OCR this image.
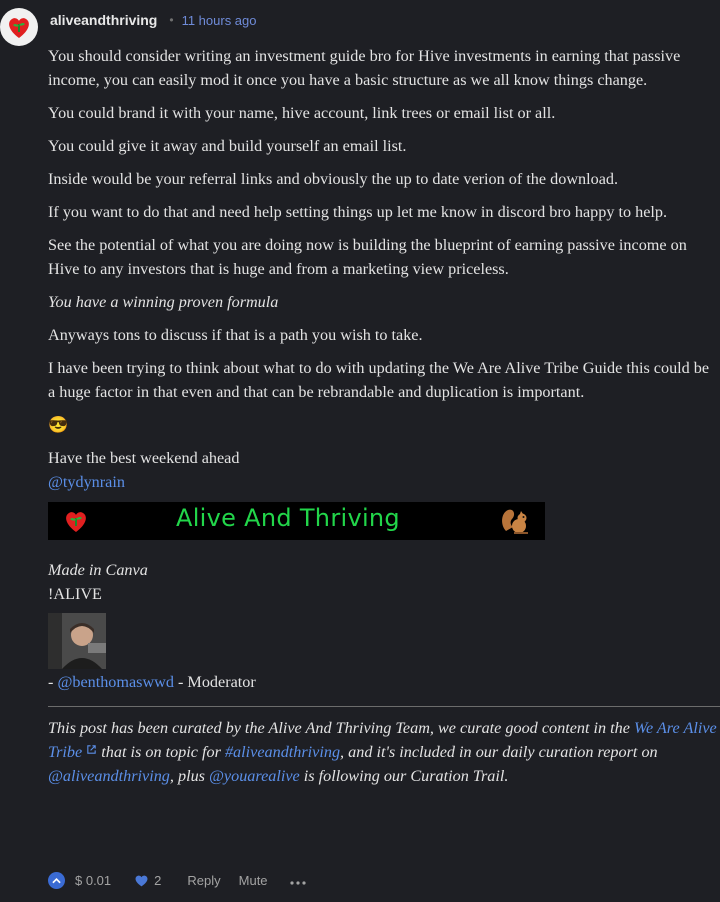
aliveandthriving • 11 hours ago

You should consider writing an investment guide bro for Hive investments in earning that passive income, you can easily mod it once you have a basic structure as we all know things change.

You could brand it with your name, hive account, link trees or email list or all.

You could give it away and build yourself an email list.

Inside would be your referral links and obviously the up to date verion of the download.

If you want to do that and need help setting things up let me know in discord bro happy to help.

See the potential of what you are doing now is building the blueprint of earning passive income on Hive to any investors that is huge and from a marketing view priceless.

You have a winning proven formula

Anyways tons to discuss if that is a path you wish to take.

I have been trying to think about what to do with updating the We Are Alive Tribe Guide this could be a huge factor in that even and that can be rebrandable and duplication is important.

😎

Have the best weekend ahead
@tydynrain
Alive And Thriving
Made in Canva
!ALIVE
- @benthomaswwd - Moderator
This post has been curated by the Alive And Thriving Team, we curate good content in the We Are Alive Tribe  that is on topic for #aliveandthriving, and it's included in our daily curation report on @aliveandthriving, plus @youarealive is following our Curation Trail.
$ 0.01	2 Reply Mute
